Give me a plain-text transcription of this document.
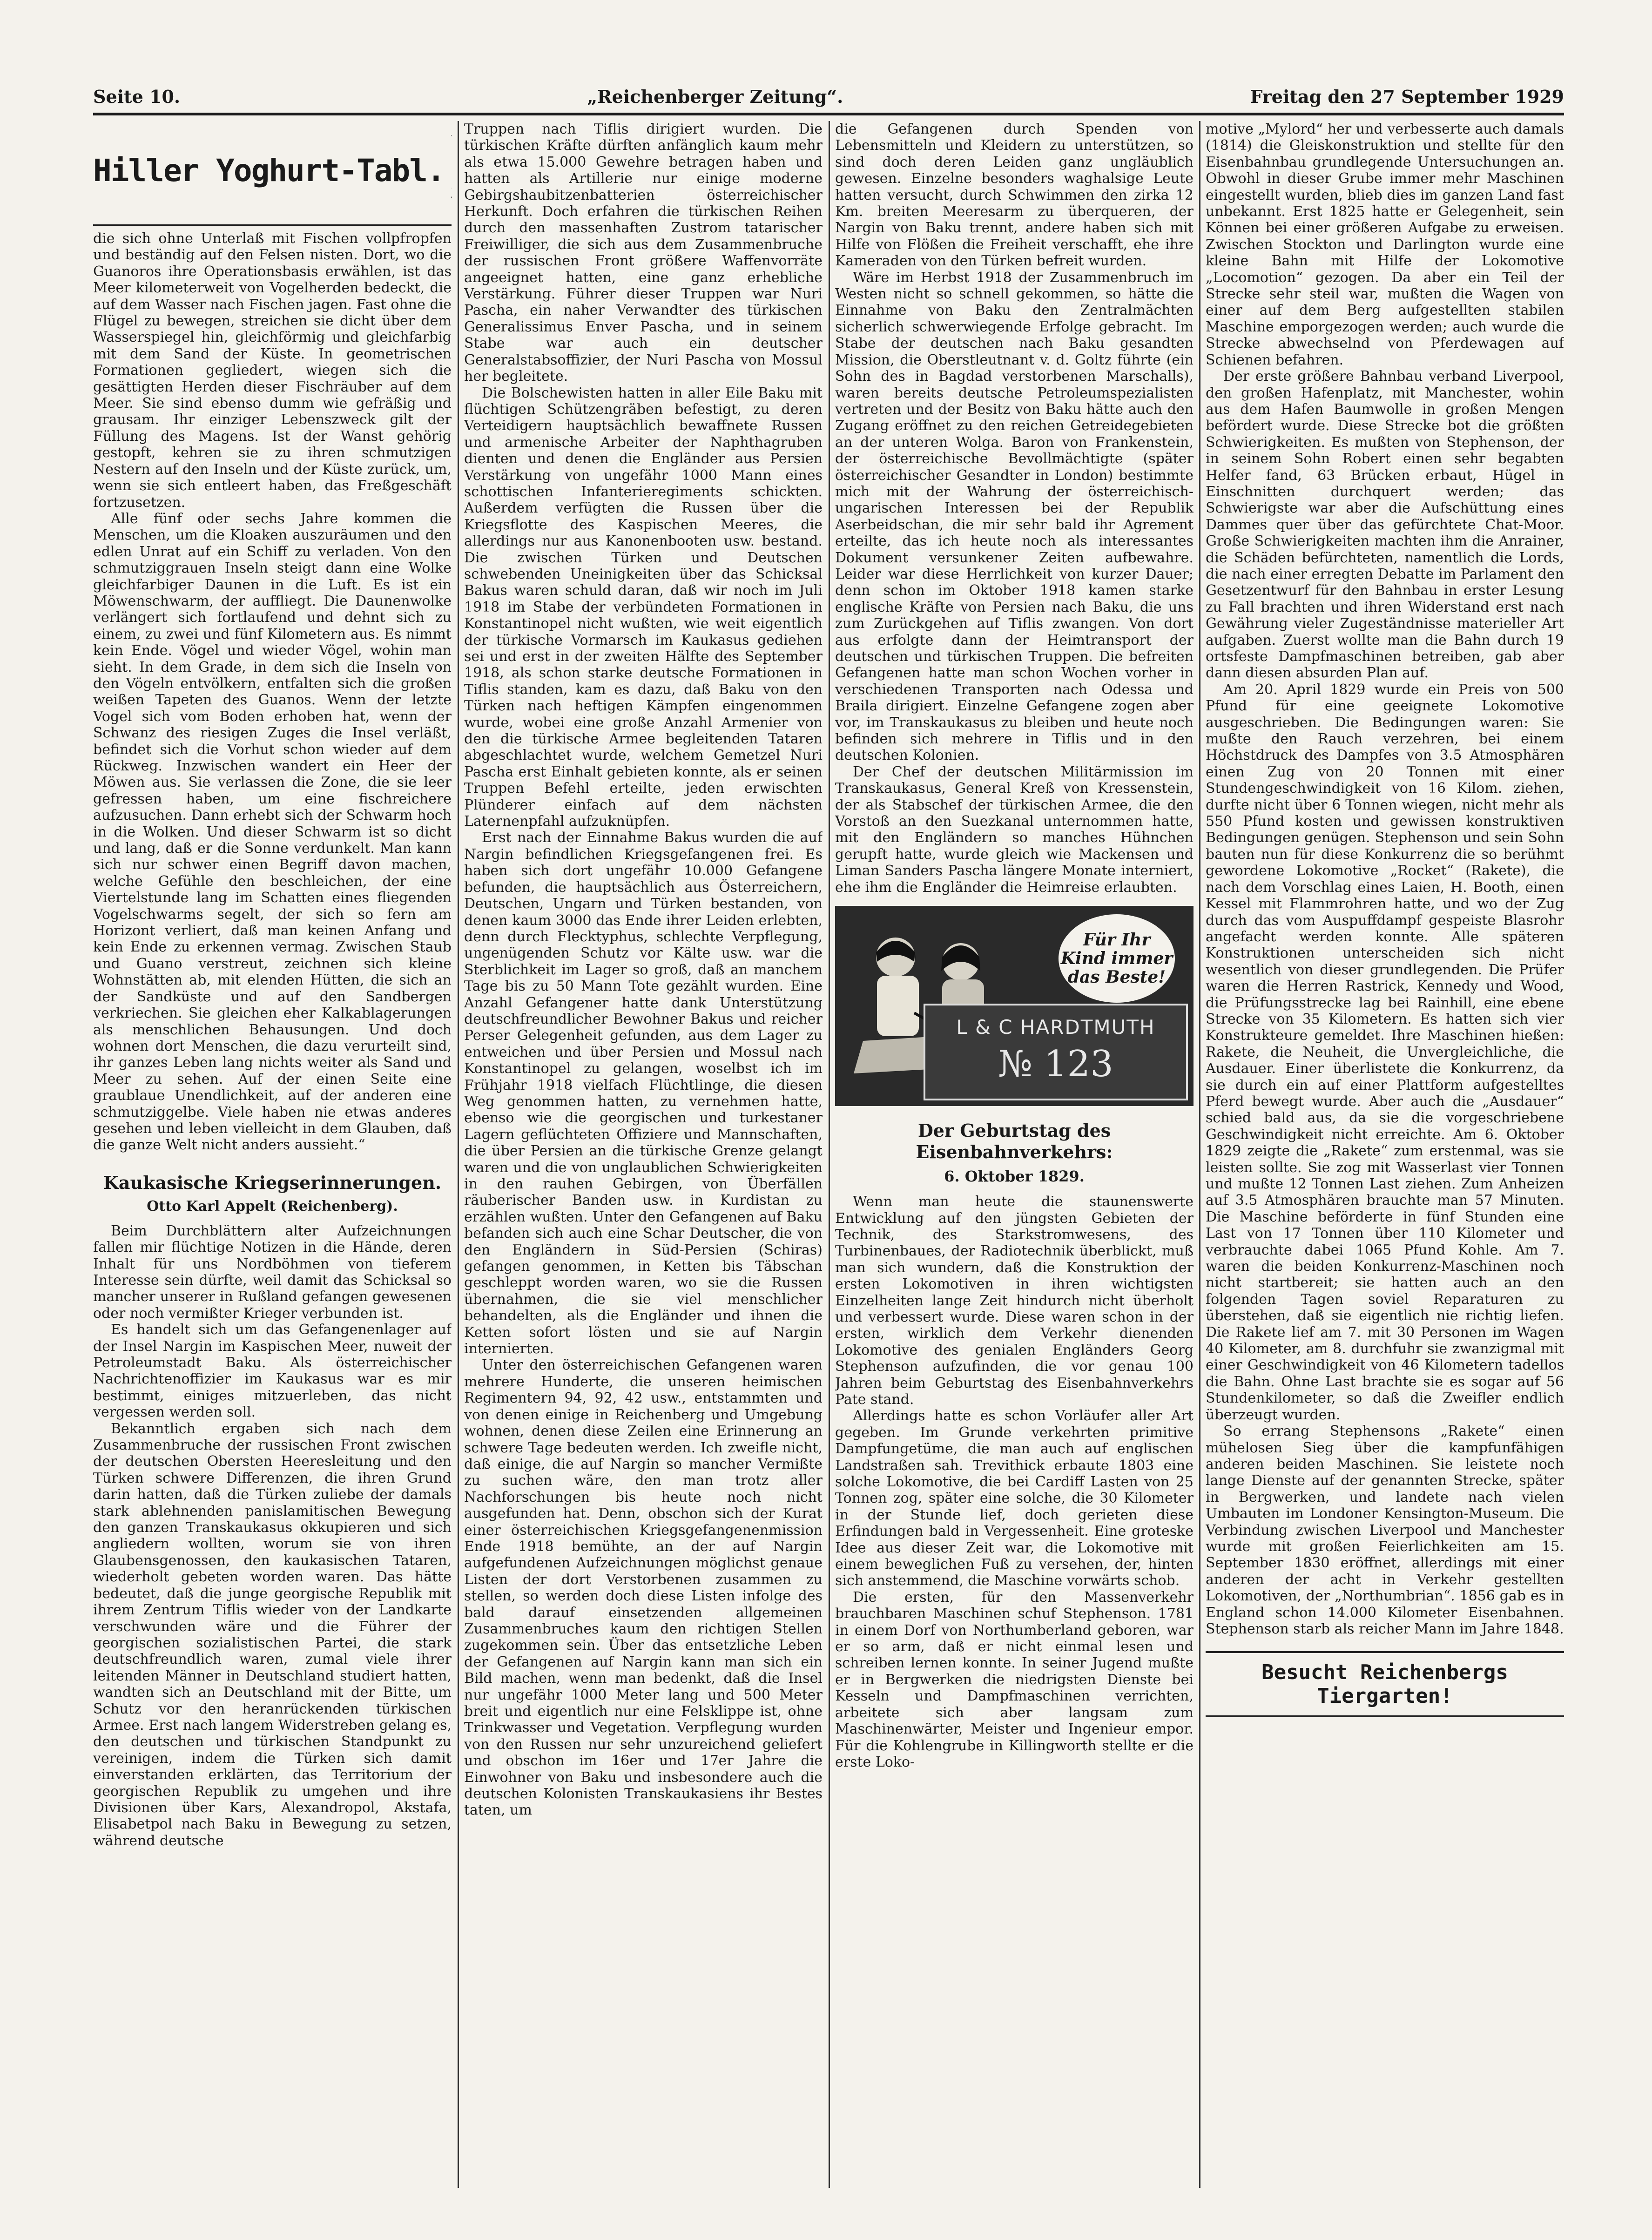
Seite 10.	„Reichenberger Zeitung“.	Freitag den 27 September 1929
Hiller Yoghurt-Tabl.

die sich ohne Unterlaß mit Fischen vollpfropfen und beständig auf den Felsen nisten. Dort, wo die Guanoros ihre Operationsbasis erwählen, ist das Meer kilometerweit von Vogelherden bedeckt, die auf dem Wasser nach Fischen jagen. Fast ohne die Flügel zu bewegen, streichen sie dicht über dem Wasserspiegel hin, gleichförmig und gleichfarbig mit dem Sand der Küste. In geometrischen Formationen gegliedert, wiegen sich die gesättigten Herden dieser Fischräuber auf dem Meer. Sie sind ebenso dumm wie gefräßig und grausam. Ihr einziger Lebenszweck gilt der Füllung des Magens. Ist der Wanst gehörig gestopft, kehren sie zu ihren schmutzigen Nestern auf den Inseln und der Küste zurück, um, wenn sie sich entleert haben, das Freßgeschäft fortzusetzen.

Alle fünf oder sechs Jahre kommen die Menschen, um die Kloaken auszuräumen und den edlen Unrat auf ein Schiff zu verladen. Von den schmutziggrauen Inseln steigt dann eine Wolke gleichfarbiger Daunen in die Luft. Es ist ein Möwenschwarm, der auffliegt. Die Daunenwolke verlängert sich fortlaufend und dehnt sich zu einem, zu zwei und fünf Kilometern aus. Es nimmt kein Ende. Vögel und wieder Vögel, wohin man sieht. In dem Grade, in dem sich die Inseln von den Vögeln entvölkern, entfalten sich die großen weißen Tapeten des Guanos. Wenn der letzte Vogel sich vom Boden erhoben hat, wenn der Schwanz des riesigen Zuges die Insel verläßt, befindet sich die Vorhut schon wieder auf dem Rückweg. Inzwischen wandert ein Heer der Möwen aus. Sie verlassen die Zone, die sie leer gefressen haben, um eine fischreichere aufzusuchen. Dann erhebt sich der Schwarm hoch in die Wolken. Und dieser Schwarm ist so dicht und lang, daß er die Sonne verdunkelt. Man kann sich nur schwer einen Begriff davon machen, welche Gefühle den beschleichen, der eine Viertelstunde lang im Schatten eines fliegenden Vogelschwarms segelt, der sich so fern am Horizont verliert, daß man keinen Anfang und kein Ende zu erkennen vermag. Zwischen Staub und Guano verstreut, zeichnen sich kleine Wohnstätten ab, mit elenden Hütten, die sich an der Sandküste und auf den Sandbergen verkriechen. Sie gleichen eher Kalkablagerungen als menschlichen Behausungen. Und doch wohnen dort Menschen, die dazu verurteilt sind, ihr ganzes Leben lang nichts weiter als Sand und Meer zu sehen. Auf der einen Seite eine graublaue Unendlichkeit, auf der anderen eine schmutziggelbe. Viele haben nie etwas anderes gesehen und leben vielleicht in dem Glauben, daß die ganze Welt nicht anders aussieht.“

Kaukasische Kriegserinnerungen.
Otto Karl Appelt (Reichenberg).

Beim Durchblättern alter Aufzeichnungen fallen mir flüchtige Notizen in die Hände, deren Inhalt für uns Nordböhmen von tieferem Interesse sein dürfte, weil damit das Schicksal so mancher unserer in Rußland gefangen gewesenen oder noch vermißter Krieger verbunden ist.

Es handelt sich um das Gefangenenlager auf der Insel Nargin im Kaspischen Meer, nuweit der Petroleumstadt Baku. Als österreichischer Nachrichtenoffizier im Kaukasus war es mir bestimmt, einiges mitzuerleben, das nicht vergessen werden soll.

Bekanntlich ergaben sich nach dem Zusammenbruche der russischen Front zwischen der deutschen Obersten Heeresleitung und den Türken schwere Differenzen, die ihren Grund darin hatten, daß die Türken zuliebe der damals stark ablehnenden panislamitischen Bewegung den ganzen Transkaukasus okkupieren und sich angliedern wollten, worum sie von ihren Glaubensgenossen, den kaukasischen Tataren, wiederholt gebeten worden waren. Das hätte bedeutet, daß die junge georgische Republik mit ihrem Zentrum Tiflis wieder von der Landkarte verschwunden wäre und die Führer der georgischen sozialistischen Partei, die stark deutschfreundlich waren, zumal viele ihrer leitenden Männer in Deutschland studiert hatten, wandten sich an Deutschland mit der Bitte, um Schutz vor den heranrückenden türkischen Armee. Erst nach langem Widerstreben gelang es, den deutschen und türkischen Standpunkt zu vereinigen, indem die Türken sich damit einverstanden erklärten, das Territorium der georgischen Republik zu umgehen und ihre Divisionen über Kars, Alexandropol, Akstafa, Elisabetpol nach Baku in Bewegung zu setzen, während deutsche

Truppen nach Tiflis dirigiert wurden. Die türkischen Kräfte dürften anfänglich kaum mehr als etwa 15.000 Gewehre betragen haben und hatten als Artillerie nur einige moderne Gebirgshaubitzenbatterien österreichischer Herkunft. Doch erfahren die türkischen Reihen durch den massenhaften Zustrom tatarischer Freiwilliger, die sich aus dem Zusammenbruche der russischen Front größere Waffenvorräte angeeignet hatten, eine ganz erhebliche Verstärkung. Führer dieser Truppen war Nuri Pascha, ein naher Verwandter des türkischen Generalissimus Enver Pascha, und in seinem Stabe war auch ein deutscher Generalstabsoffizier, der Nuri Pascha von Mossul her begleitete.

Die Bolschewisten hatten in aller Eile Baku mit flüchtigen Schützengräben befestigt, zu deren Verteidigern hauptsächlich bewaffnete Russen und armenische Arbeiter der Naphthagruben dienten und denen die Engländer aus Persien Verstärkung von ungefähr 1000 Mann eines schottischen Infanterieregiments schickten. Außerdem verfügten die Russen über die Kriegsflotte des Kaspischen Meeres, die allerdings nur aus Kanonenbooten usw. bestand. Die zwischen Türken und Deutschen schwebenden Uneinigkeiten über das Schicksal Bakus waren schuld daran, daß wir noch im Juli 1918 im Stabe der verbündeten Formationen in Konstantinopel nicht wußten, wie weit eigentlich der türkische Vormarsch im Kaukasus gediehen sei und erst in der zweiten Hälfte des September 1918, als schon starke deutsche Formationen in Tiflis standen, kam es dazu, daß Baku von den Türken nach heftigen Kämpfen eingenommen wurde, wobei eine große Anzahl Armenier von den die türkische Armee begleitenden Tataren abgeschlachtet wurde, welchem Gemetzel Nuri Pascha erst Einhalt gebieten konnte, als er seinen Truppen Befehl erteilte, jeden erwischten Plünderer einfach auf dem nächsten Laternenpfahl aufzuknüpfen.

Erst nach der Einnahme Bakus wurden die auf Nargin befindlichen Kriegsgefangenen frei. Es haben sich dort ungefähr 10.000 Gefangene befunden, die hauptsächlich aus Österreichern, Deutschen, Ungarn und Türken bestanden, von denen kaum 3000 das Ende ihrer Leiden erlebten, denn durch Flecktyphus, schlechte Verpflegung, ungenügenden Schutz vor Kälte usw. war die Sterblichkeit im Lager so groß, daß an manchem Tage bis zu 50 Mann Tote gezählt wurden. Eine Anzahl Gefangener hatte dank Unterstützung deutschfreundlicher Bewohner Bakus und reicher Perser Gelegenheit gefunden, aus dem Lager zu entweichen und über Persien und Mossul nach Konstantinopel zu gelangen, woselbst ich im Frühjahr 1918 vielfach Flüchtlinge, die diesen Weg genommen hatten, zu vernehmen hatte, ebenso wie die georgischen und turkestaner Lagern geflüchteten Offiziere und Mannschaften, die über Persien an die türkische Grenze gelangt waren und die von unglaublichen Schwierigkeiten in den rauhen Gebirgen, von Überfällen räuberischer Banden usw. in Kurdistan zu erzählen wußten. Unter den Gefangenen auf Baku befanden sich auch eine Schar Deutscher, die von den Engländern in Süd-Persien (Schiras) gefangen genommen, in Ketten bis Täbschan geschleppt worden waren, wo sie die Russen übernahmen, die sie viel menschlicher behandelten, als die Engländer und ihnen die Ketten sofort lösten und sie auf Nargin internierten.

Unter den österreichischen Gefangenen waren mehrere Hunderte, die unseren heimischen Regimentern 94, 92, 42 usw., entstammten und von denen einige in Reichenberg und Umgebung wohnen, denen diese Zeilen eine Erinnerung an schwere Tage bedeuten werden. Ich zweifle nicht, daß einige, die auf Nargin so mancher Vermißte zu suchen wäre, den man trotz aller Nachforschungen bis heute noch nicht ausgefunden hat. Denn, obschon sich der Kurat einer österreichischen Kriegsgefangenenmission Ende 1918 bemühte, an der auf Nargin aufgefundenen Aufzeichnungen möglichst genaue Listen der dort Verstorbenen zusammen zu stellen, so werden doch diese Listen infolge des bald darauf einsetzenden allgemeinen Zusammenbruches kaum den richtigen Stellen zugekommen sein. Über das entsetzliche Leben der Gefangenen auf Nargin kann man sich ein Bild machen, wenn man bedenkt, daß die Insel nur ungefähr 1000 Meter lang und 500 Meter breit und eigentlich nur eine Felsklippe ist, ohne Trinkwasser und Vegetation. Verpflegung wurden von den Russen nur sehr unzureichend geliefert und obschon im 16er und 17er Jahre die Einwohner von Baku und insbesondere auch die deutschen Kolonisten Transkaukasiens ihr Bestes taten, um

die Gefangenen durch Spenden von Lebensmitteln und Kleidern zu unterstützen, so sind doch deren Leiden ganz ungläublich gewesen. Einzelne besonders waghalsige Leute hatten versucht, durch Schwimmen den zirka 12 Km. breiten Meeresarm zu überqueren, der Nargin von Baku trennt, andere haben sich mit Hilfe von Flößen die Freiheit verschafft, ehe ihre Kameraden von den Türken befreit wurden.

Wäre im Herbst 1918 der Zusammenbruch im Westen nicht so schnell gekommen, so hätte die Einnahme von Baku den Zentralmächten sicherlich schwerwiegende Erfolge gebracht. Im Stabe der deutschen nach Baku gesandten Mission, die Oberstleutnant v. d. Goltz führte (ein Sohn des in Bagdad verstorbenen Marschalls), waren bereits deutsche Petroleumspezialisten vertreten und der Besitz von Baku hätte auch den Zugang eröffnet zu den reichen Getreidegebieten an der unteren Wolga. Baron von Frankenstein, der österreichische Bevollmächtigte (später österreichischer Gesandter in London) bestimmte mich mit der Wahrung der österreichisch-ungarischen Interessen bei der Republik Aserbeidschan, die mir sehr bald ihr Agrement erteilte, das ich heute noch als interessantes Dokument versunkener Zeiten aufbewahre. Leider war diese Herrlichkeit von kurzer Dauer; denn schon im Oktober 1918 kamen starke englische Kräfte von Persien nach Baku, die uns zum Zurückgehen auf Tiflis zwangen. Von dort aus erfolgte dann der Heimtransport der deutschen und türkischen Truppen. Die befreiten Gefangenen hatte man schon Wochen vorher in verschiedenen Transporten nach Odessa und Braila dirigiert. Einzelne Gefangene zogen aber vor, im Transkaukasus zu bleiben und heute noch befinden sich mehrere in Tiflis und in den deutschen Kolonien.

Der Chef der deutschen Militärmission im Transkaukasus, General Kreß von Kressenstein, der als Stabschef der türkischen Armee, die den Vorstoß an den Suezkanal unternommen hatte, mit den Engländern so manches Hühnchen gerupft hatte, wurde gleich wie Mackensen und Liman Sanders Pascha längere Monate interniert, ehe ihm die Engländer die Heimreise erlaubten.

Für Ihr Kind immer das Beste!
L & C HARDTMUTH
№ 123
Der Geburtstag des Eisenbahnverkehrs:
6. Oktober 1829.

Wenn man heute die staunenswerte Entwicklung auf den jüngsten Gebieten der Technik, des Starkstromwesens, des Turbinenbaues, der Radiotechnik überblickt, muß man sich wundern, daß die Konstruktion der ersten Lokomotiven in ihren wichtigsten Einzelheiten lange Zeit hindurch nicht überholt und verbessert wurde. Diese waren schon in der ersten, wirklich dem Verkehr dienenden Lokomotive des genialen Engländers Georg Stephenson aufzufinden, die vor genau 100 Jahren beim Geburtstag des Eisenbahnverkehrs Pate stand.

Allerdings hatte es schon Vorläufer aller Art gegeben. Im Grunde verkehrten primitive Dampfungetüme, die man auch auf englischen Landstraßen sah. Trevithick erbaute 1803 eine solche Lokomotive, die bei Cardiff Lasten von 25 Tonnen zog, später eine solche, die 30 Kilometer in der Stunde lief, doch gerieten diese Erfindungen bald in Vergessenheit. Eine groteske Idee aus dieser Zeit war, die Lokomotive mit einem beweglichen Fuß zu versehen, der, hinten sich anstemmend, die Maschine vorwärts schob.

Die ersten, für den Massenverkehr brauchbaren Maschinen schuf Stephenson. 1781 in einem Dorf von Northumberland geboren, war er so arm, daß er nicht einmal lesen und schreiben lernen konnte. In seiner Jugend mußte er in Bergwerken die niedrigsten Dienste bei Kesseln und Dampfmaschinen verrichten, arbeitete sich aber langsam zum Maschinenwärter, Meister und Ingenieur empor. Für die Kohlengrube in Killingworth stellte er die erste Loko-

motive „Mylord“ her und verbesserte auch damals (1814) die Gleiskonstruktion und stellte für den Eisenbahnbau grundlegende Untersuchungen an. Obwohl in dieser Grube immer mehr Maschinen eingestellt wurden, blieb dies im ganzen Land fast unbekannt. Erst 1825 hatte er Gelegenheit, sein Können bei einer größeren Aufgabe zu erweisen. Zwischen Stockton und Darlington wurde eine kleine Bahn mit Hilfe der Lokomotive „Locomotion“ gezogen. Da aber ein Teil der Strecke sehr steil war, mußten die Wagen von einer auf dem Berg aufgestellten stabilen Maschine emporgezogen werden; auch wurde die Strecke abwechselnd von Pferdewagen auf Schienen befahren.

Der erste größere Bahnbau verband Liverpool, den großen Hafenplatz, mit Manchester, wohin aus dem Hafen Baumwolle in großen Mengen befördert wurde. Diese Strecke bot die größten Schwierigkeiten. Es mußten von Stephenson, der in seinem Sohn Robert einen sehr begabten Helfer fand, 63 Brücken erbaut, Hügel in Einschnitten durchquert werden; das Schwierigste war aber die Aufschüttung eines Dammes quer über das gefürchtete Chat-Moor. Große Schwierigkeiten machten ihm die Anrainer, die Schäden befürchteten, namentlich die Lords, die nach einer erregten Debatte im Parlament den Gesetzentwurf für den Bahnbau in erster Lesung zu Fall brachten und ihren Widerstand erst nach Gewährung vieler Zugeständnisse materieller Art aufgaben. Zuerst wollte man die Bahn durch 19 ortsfeste Dampfmaschinen betreiben, gab aber dann diesen absurden Plan auf.

Am 20. April 1829 wurde ein Preis von 500 Pfund für eine geeignete Lokomotive ausgeschrieben. Die Bedingungen waren: Sie mußte den Rauch verzehren, bei einem Höchstdruck des Dampfes von 3.5 Atmosphären einen Zug von 20 Tonnen mit einer Stundengeschwindigkeit von 16 Kilom. ziehen, durfte nicht über 6 Tonnen wiegen, nicht mehr als 550 Pfund kosten und gewissen konstruktiven Bedingungen genügen. Stephenson und sein Sohn bauten nun für diese Konkurrenz die so berühmt gewordene Lokomotive „Rocket“ (Rakete), die nach dem Vorschlag eines Laien, H. Booth, einen Kessel mit Flammrohren hatte, und wo der Zug durch das vom Auspuffdampf gespeiste Blasrohr angefacht werden konnte. Alle späteren Konstruktionen unterscheiden sich nicht wesentlich von dieser grundlegenden. Die Prüfer waren die Herren Rastrick, Kennedy und Wood, die Prüfungsstrecke lag bei Rainhill, eine ebene Strecke von 35 Kilometern. Es hatten sich vier Konstrukteure gemeldet. Ihre Maschinen hießen: Rakete, die Neuheit, die Unvergleichliche, die Ausdauer. Einer überlistete die Konkurrenz, da sie durch ein auf einer Plattform aufgestelltes Pferd bewegt wurde. Aber auch die „Ausdauer“ schied bald aus, da sie die vorgeschriebene Geschwindigkeit nicht erreichte. Am 6. Oktober 1829 zeigte die „Rakete“ zum erstenmal, was sie leisten sollte. Sie zog mit Wasserlast vier Tonnen und mußte 12 Tonnen Last ziehen. Zum Anheizen auf 3.5 Atmosphären brauchte man 57 Minuten. Die Maschine beförderte in fünf Stunden eine Last von 17 Tonnen über 110 Kilometer und verbrauchte dabei 1065 Pfund Kohle. Am 7. waren die beiden Konkurrenz-Maschinen noch nicht startbereit; sie hatten auch an den folgenden Tagen soviel Reparaturen zu überstehen, daß sie eigentlich nie richtig liefen. Die Rakete lief am 7. mit 30 Personen im Wagen 40 Kilometer, am 8. durchfuhr sie zwanzigmal mit einer Geschwindigkeit von 46 Kilometern tadellos die Bahn. Ohne Last brachte sie es sogar auf 56 Stundenkilometer, so daß die Zweifler endlich überzeugt wurden.

So errang Stephensons „Rakete“ einen mühelosen Sieg über die kampfunfähigen anderen beiden Maschinen. Sie leistete noch lange Dienste auf der genannten Strecke, später in Bergwerken, und landete nach vielen Umbauten im Londoner Kensington-Museum. Die Verbindung zwischen Liverpool und Manchester wurde mit großen Feierlichkeiten am 15. September 1830 eröffnet, allerdings mit einer anderen der acht in Verkehr gestellten Lokomotiven, der „Northumbrian“. 1856 gab es in England schon 14.000 Kilometer Eisenbahnen. Stephenson starb als reicher Mann im Jahre 1848.

Besucht Reichenbergs Tiergarten!
